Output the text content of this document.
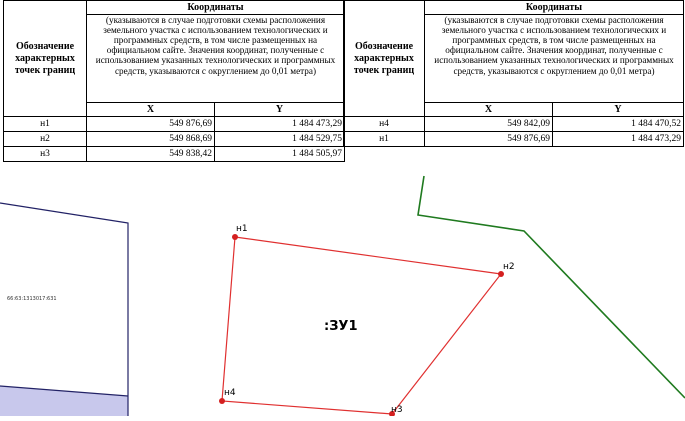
Обозначение характерных точек границ	Координаты	
	(указываются в случае подготовки схемы расположения земельного участка с использованием технологических и программных средств, в том числе размещенных на официальном сайте. Значения координат, полученные с использованием указанных технологических и программных средств, указываются с округлением до 0,01 метра)	
	X	Y
н1	549 876,69	1 484 473,29
н2	549 868,69	1 484 529,75
н3	549 838,42	1 484 505,97
Обозначение характерных точек границ	Координаты	
	(указываются в случае подготовки схемы расположения земельного участка с использованием технологических и программных средств, в том числе размещенных на официальном сайте. Значения координат, полученные с использованием указанных технологических и программных средств, указываются с округлением до 0,01 метра)	
	X	Y
н4	549 842,09	1 484 470,52
н1	549 876,69	1 484 473,29
66:63:1313017:631
н1
н2
н3
н4
:ЗУ1
